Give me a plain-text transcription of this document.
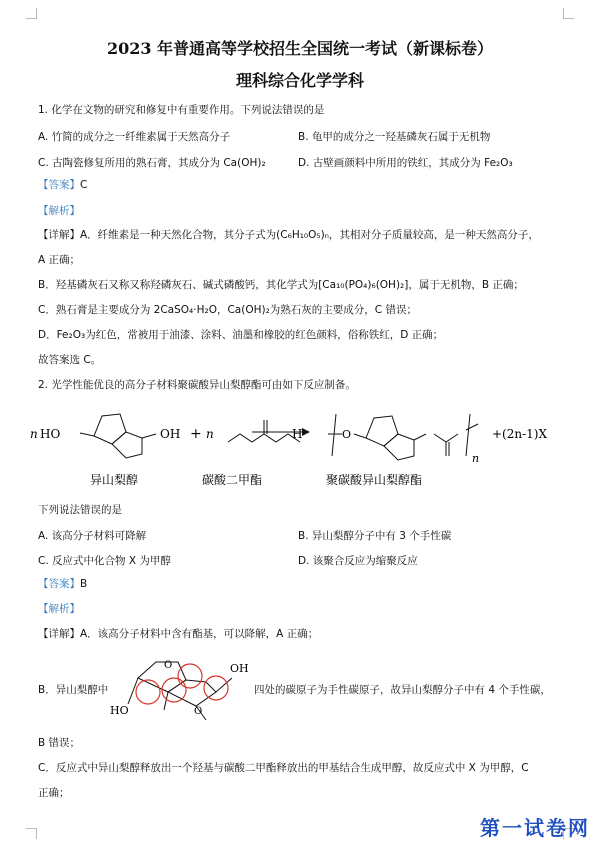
2023 年普通高等学校招生全国统一考试（新课标卷）
理科综合化学学科
1. 化学在文物的研究和修复中有重要作用。下列说法错误的是
A. 竹简的成分之一纤维素属于天然高分子	B. 龟甲的成分之一羟基磷灰石属于无机物
C. 古陶瓷修复所用的熟石膏，其成分为 Ca(OH)₂	D. 古壁画颜料中所用的铁红，其成分为 Fe₂O₃
【答案】C
【解析】
【详解】A．纤维素是一种天然化合物，其分子式为(C₆H₁₀O₅)ₙ，其相对分子质量较高，是一种天然高分子，
A 正确；
B．羟基磷灰石又称又称羟磷灰石、碱式磷酸钙，其化学式为[Ca₁₀(PO₄)₆(OH)₂]，属于无机物，B 正确；
C．熟石膏是主要成分为 2CaSO₄·H₂O，Ca(OH)₂为熟石灰的主要成分，C 错误；
D．Fe₂O₃为红色，常被用于油漆、涂料、油墨和橡胶的红色颜料，俗称铁红，D 正确；
故答案选 C。
2. 光学性能优良的高分子材料聚碳酸异山梨醇酯可由如下反应制备。
n HO	OH + n	H	O
n
+(2n-1)X
异山梨醇	碳酸二甲酯	聚碳酸异山梨醇酯
下列说法错误的是
A. 该高分子材料可降解	B. 异山梨醇分子中有 3 个手性碳
C. 反应式中化合物 X 为甲醇	D. 该聚合反应为缩聚反应
【答案】B
【解析】
【详解】A．该高分子材料中含有酯基，可以降解，A 正确；
B．异山梨醇中
OH
HO
O
O
四处的碳原子为手性碳原子，故异山梨醇分子中有 4 个手性碳，
B 错误；
C．反应式中异山梨醇释放出一个羟基与碳酸二甲酯释放出的甲基结合生成甲醇，故反应式中 X 为甲醇，C
正确；
第一试卷网
